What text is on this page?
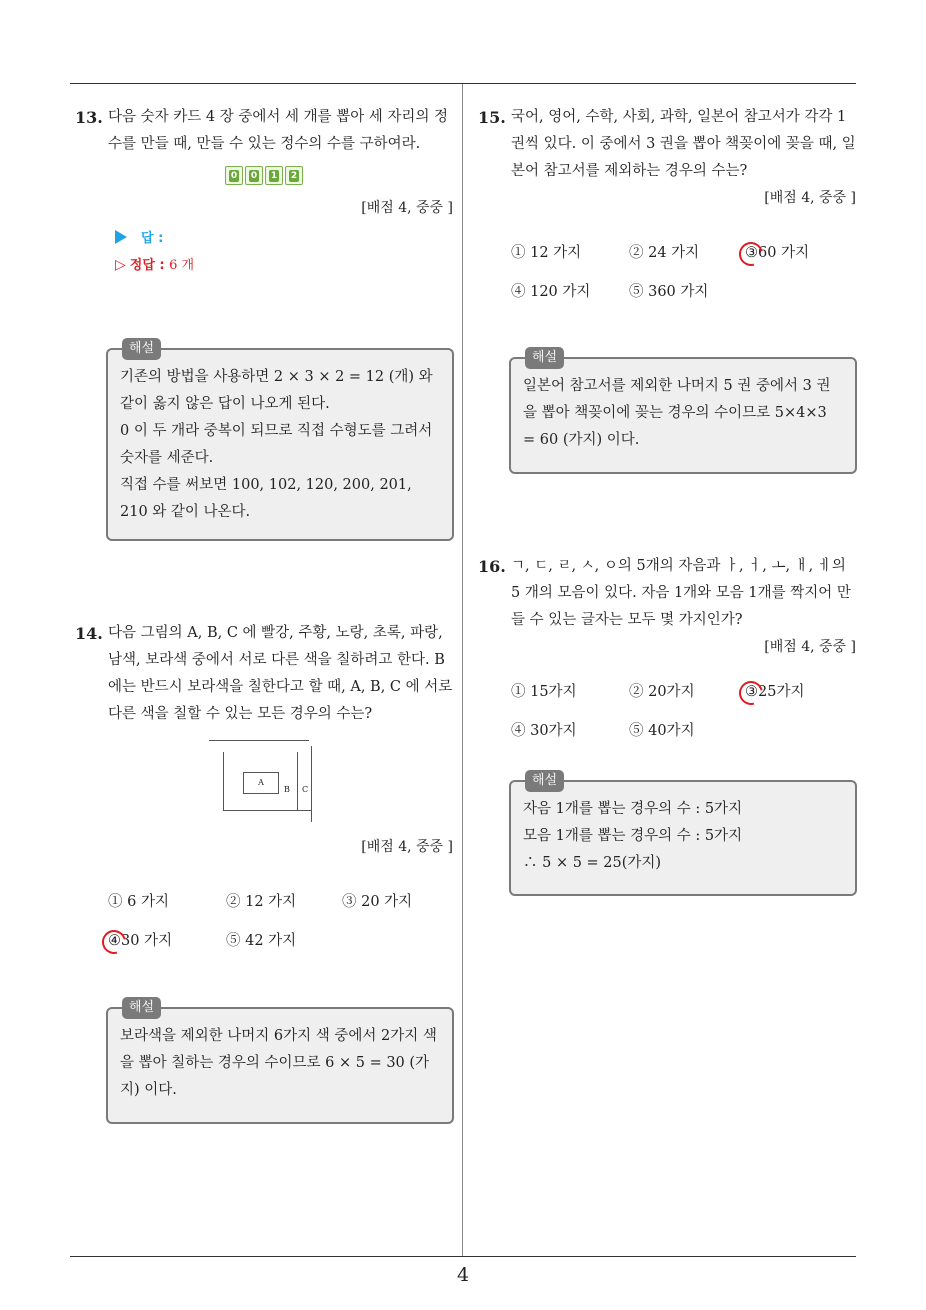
4
13. 다음 숫자 카드 4 장 중에서 세 개를 뽑아 세 자리의 정수를 만들 때, 만들 수 있는 정수의 수를 구하여라.
0 0 1 2
[배점 4, 중중 ]
답 :
▷ 정답 : 6 개
해설
기존의 방법을 사용하면 2 × 3 × 2 = 12 (개) 와 같이 옳지 않은 답이 나오게 된다.
0 이 두 개라 중복이 되므로 직접 수형도를 그려서 숫자를 세준다.
직접 수를 써보면 100, 102, 120, 200, 201, 210 와 같이 나온다.
14. 다음 그림의 A, B, C 에 빨강, 주황, 노랑, 초록, 파랑, 남색, 보라색 중에서 서로 다른 색을 칠하려고 한다. B 에는 반드시 보라색을 칠한다고 할 때, A, B, C 에 서로 다른 색을 칠할 수 있는 모든 경우의 수는?
A
B C
[배점 4, 중중 ]
① 6 가지	② 12 가지	③ 20 가지
④30 가지	⑤ 42 가지
해설
보라색을 제외한 나머지 6가지 색 중에서 2가지 색을 뽑아 칠하는 경우의 수이므로 6 × 5 = 30 (가지) 이다.
15. 국어, 영어, 수학, 사회, 과학, 일본어 참고서가 각각 1 권씩 있다. 이 중에서 3 권을 뽑아 책꽂이에 꽂을 때, 일본어 참고서를 제외하는 경우의 수는?
[배점 4, 중중 ]
① 12 가지	② 24 가지	③60 가지
④ 120 가지	⑤ 360 가지
해설
일본어 참고서를 제외한 나머지 5 권 중에서 3 권을 뽑아 책꽂이에 꽂는 경우의 수이므로 5×4×3 = 60 (가지) 이다.
16. ㄱ, ㄷ, ㄹ, ㅅ, ㅇ의 5개의 자음과 ㅏ, ㅓ, ㅗ, ㅐ, ㅔ의 5 개의 모음이 있다. 자음 1개와 모음 1개를 짝지어 만들 수 있는 글자는 모두 몇 가지인가?
[배점 4, 중중 ]
① 15가지	② 20가지	③25가지
④ 30가지	⑤ 40가지
해설
자음 1개를 뽑는 경우의 수 : 5가지
모음 1개를 뽑는 경우의 수 : 5가지
∴ 5 × 5 = 25(가지)
